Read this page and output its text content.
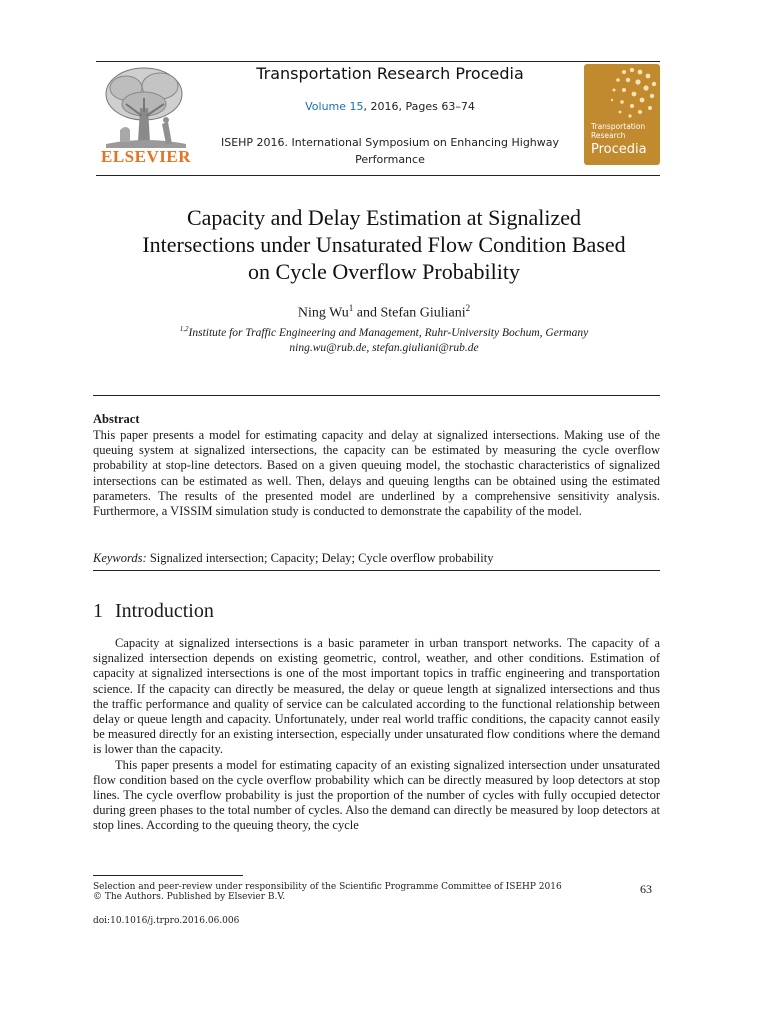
ELSEVIER
Transportation Research Procedia
Volume 15, 2016, Pages 63–74
ISEHP 2016. International Symposium on Enhancing Highway
Performance
Transportation
Research
Procedia
Capacity and Delay Estimation at Signalized
Intersections under Unsaturated Flow Condition Based
on Cycle Overflow Probability
Ning Wu$^1$ and Stefan Giuliani$^2$
$^{1,2}$Institute for Traffic Engineering and Management, Ruhr-University Bochum, Germany
ning.wu@rub.de, stefan.giuliani@rub.de
Abstract
This paper presents a model for estimating capacity and delay at signalized intersections. Making use of the queuing system at signalized intersections, the capacity can be estimated by measuring the cycle overflow probability at stop-line detectors. Based on a given queuing model, the stochastic characteristics of signalized intersections can be estimated as well. Then, delays and queuing lengths can be obtained using the estimated parameters. The results of the presented model are underlined by a comprehensive sensitivity analysis. Furthermore, a VISSIM simulation study is conducted to demonstrate the capability of the model.
Keywords: Signalized intersection; Capacity; Delay; Cycle overflow probability
1 Introduction

Capacity at signalized intersections is a basic parameter in urban transport networks. The capacity of a signalized intersection depends on existing geometric, control, weather, and other conditions. Estimation of capacity at signalized intersections is one of the most important topics in traffic engineering and transportation science. If the capacity can directly be measured, the delay or queue length at signalized intersections and thus the traffic performance and quality of service can be calculated according to the functional relationship between delay or queue length and capacity. Unfortunately, under real world traffic conditions, the capacity cannot easily be measured directly for an existing intersection, especially under unsaturated flow conditions where the demand is lower than the capacity.

This paper presents a model for estimating capacity of an existing signalized intersection under unsaturated flow condition based on the cycle overflow probability which can be directly measured by loop detectors at stop lines. The cycle overflow probability is just the proportion of the number of cycles with fully occupied detector during green phases to the total number of cycles. Also the demand can directly be measured by loop detectors at stop lines. According to the queuing theory, the cycle

Selection and peer-review under responsibility of the Scientific Programme Committee of ISEHP 2016
© The Authors. Published by Elsevier B.V.
doi:10.1016/j.trpro.2016.06.006
63
